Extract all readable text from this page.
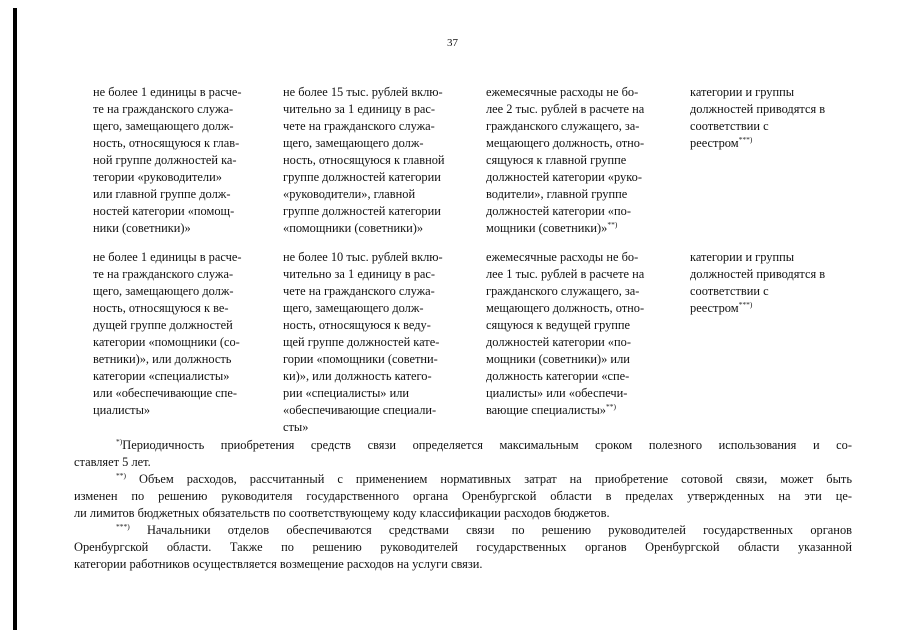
37
не более 1 единицы в расче-
те на гражданского служа-
щего, замещающего долж-
ность, относящуюся к глав-
ной группе должностей ка-
тегории «руководители»
или главной группе долж-
ностей категории «помощ-
ники (советники)»
не более 15 тыс. рублей вклю-
чительно за 1 единицу в рас-
чете на гражданского служа-
щего, замещающего долж-
ность, относящуюся к главной
группе должностей категории
«руководители», главной
группе должностей категории
«помощники (советники)»
ежемесячные расходы не бо-
лее 2 тыс. рублей в расчете на
гражданского служащего, за-
мещающего должность, отно-
сящуюся к главной группе
должностей категории «руко-
водители», главной группе
должностей категории «по-
мощники (советники)»**)
категории и группы
должностей приводятся в
соответствии с
реестром***)
не более 1 единицы в расче-
те на гражданского служа-
щего, замещающего долж-
ность, относящуюся к ве-
дущей группе должностей
категории «помощники (со-
ветники)», или должность
категории «специалисты»
или «обеспечивающие спе-
циалисты»
не более 10 тыс. рублей вклю-
чительно за 1 единицу в рас-
чете на гражданского служа-
щего, замещающего долж-
ность, относящуюся к веду-
щей группе должностей кате-
гории «помощники (советни-
ки)», или должность катего-
рии «специалисты» или
«обеспечивающие специали-
сты»
ежемесячные расходы не бо-
лее 1 тыс. рублей в расчете на
гражданского служащего, за-
мещающего должность, отно-
сящуюся к ведущей группе
должностей категории «по-
мощники (советники)» или
должность категории «спе-
циалисты» или «обеспечи-
вающие специалисты»**)
категории и группы
должностей приводятся в
соответствии с
реестром***)
*)Периодичность приобретения средств связи определяется максимальным сроком полезного использования и со-
ставляет 5 лет.
**) Объем расходов, рассчитанный с применением нормативных затрат на приобретение сотовой связи, может быть
изменен по решению руководителя государственного органа Оренбургской области в пределах утвержденных на эти це-
ли лимитов бюджетных обязательств по соответствующему коду классификации расходов бюджетов.
***) Начальники отделов обеспечиваются средствами связи по решению руководителей государственных органов
Оренбургской области. Также по решению руководителей государственных органов Оренбургской области указанной
категории работников осуществляется возмещение расходов на услуги связи.
